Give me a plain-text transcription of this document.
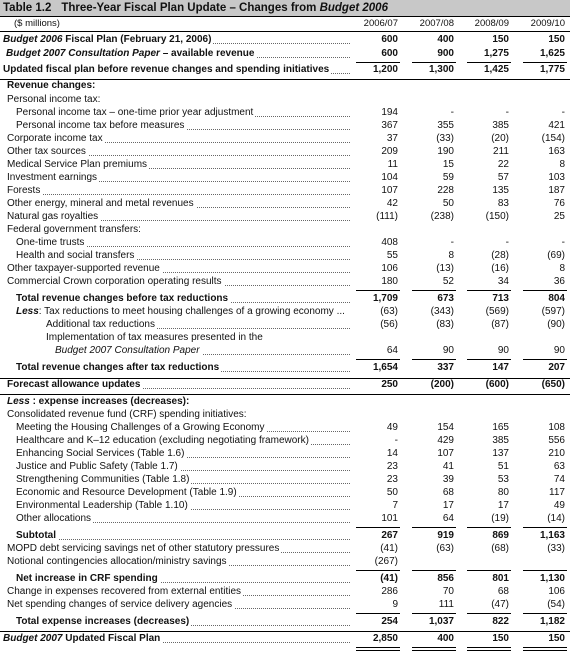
Table 1.2 Three-Year Fiscal Plan Update – Changes from Budget 2006
($ millions)	2006/07	2007/08	2008/09	2009/10
Budget 2006 Fiscal Plan (February 21, 2006)	600	400	150	150
Budget 2007 Consultation Paper – available revenue	600	900	1,275	1,625
Updated fiscal plan before revenue changes and spending initiatives	1,200	1,300	1,425	1,775
Revenue changes:
Personal income tax:
Personal income tax – one-time prior year adjustment	194	-	-	-
Personal income tax before measures	367	355	385	421
Corporate income tax	37	(33)	(20)	(154)
Other tax sources	209	190	211	163
Medical Service Plan premiums	11	15	22	8
Investment earnings	104	59	57	103
Forests	107	228	135	187
Other energy, mineral and metal revenues	42	50	83	76
Natural gas royalties	(111)	(238)	(150)	25
Federal government transfers:
One-time trusts	408	-	-	-
Health and social transfers	55	8	(28)	(69)
Other taxpayer-supported revenue	106	(13)	(16)	8
Commercial Crown corporation operating results	180	52	34	36
Total revenue changes before tax reductions	1,709	673	713	804
Less: Tax reductions to meet housing challenges of a growing economy ...	(63)	(343)	(569)	(597)
Additional tax reductions	(56)	(83)	(87)	(90)
Implementation of tax measures presented in the
Budget 2007 Consultation Paper	64	90	90	90
Total revenue changes after tax reductions	1,654	337	147	207
Forecast allowance updates	250	(200)	(600)	(650)
Less : expense increases (decreases):
Consolidated revenue fund (CRF) spending initiatives:
Meeting the Housing Challenges of a Growing Economy	49	154	165	108
Healthcare and K–12 education (excluding negotiating framework)	-	429	385	556
Enhancing Social Services (Table 1.6)	14	107	137	210
Justice and Public Safety (Table 1.7)	23	41	51	63
Strengthening Communities (Table 1.8)	23	39	53	74
Economic and Resource Development (Table 1.9)	50	68	80	117
Environmental Leadership (Table 1.10)	7	17	17	49
Other allocations	101	64	(19)	(14)
Subtotal	267	919	869	1,163
MOPD debt servicing savings net of other statutory pressures	(41)	(63)	(68)	(33)
Notional contingencies allocation/ministry savings	(267)
Net increase in CRF spending	(41)	856	801	1,130
Change in expenses recovered from external entities	286	70	68	106
Net spending changes of service delivery agencies	9	111	(47)	(54)
Total expense increases (decreases)	254	1,037	822	1,182
Budget 2007 Updated Fiscal Plan	2,850	400	150	150
